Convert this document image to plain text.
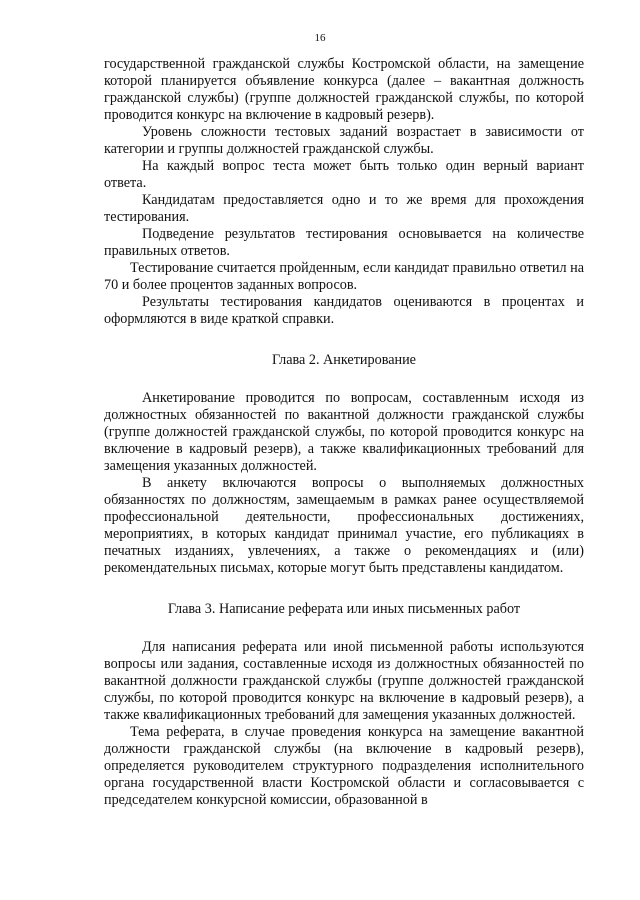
16

государственной гражданской службы Костромской области, на замещение которой планируется объявление конкурса (далее – вакантная должность гражданской службы) (группе должностей гражданской службы, по которой проводится конкурс на включение в кадровый резерв).

Уровень сложности тестовых заданий возрастает в зависимости от категории и группы должностей гражданской службы.

На каждый вопрос теста может быть только один верный вариант ответа.

Кандидатам предоставляется одно и то же время для прохождения тестирования.

Подведение результатов тестирования основывается на количестве правильных ответов.

Тестирование считается пройденным, если кандидат правильно ответил на 70 и более процентов заданных вопросов.

Результаты тестирования кандидатов оцениваются в процентах и оформляются в виде краткой справки.

Глава 2. Анкетирование

Анкетирование проводится по вопросам, составленным исходя из должностных обязанностей по вакантной должности гражданской службы (группе должностей гражданской службы, по которой проводится конкурс на включение в кадровый резерв), а также квалификационных требований для замещения указанных должностей.

В анкету включаются вопросы о выполняемых должностных обязанностях по должностям, замещаемым в рамках ранее осуществляемой профессиональной деятельности, профессиональных достижениях, мероприятиях, в которых кандидат принимал участие, его публикациях в печатных изданиях, увлечениях, а также о рекомендациях и (или) рекомендательных письмах, которые могут быть представлены кандидатом.

Глава 3. Написание реферата или иных письменных работ

Для написания реферата или иной письменной работы используются вопросы или задания, составленные исходя из должностных обязанностей по вакантной должности гражданской службы (группе должностей гражданской службы, по которой проводится конкурс на включение в кадровый резерв), а также квалификационных требований для замещения указанных должностей.

Тема реферата, в случае проведения конкурса на замещение вакантной должности гражданской службы (на включение в кадровый резерв), определяется руководителем структурного подразделения исполнительного органа государственной власти Костромской области и согласовывается с председателем конкурсной комиссии, образованной в
